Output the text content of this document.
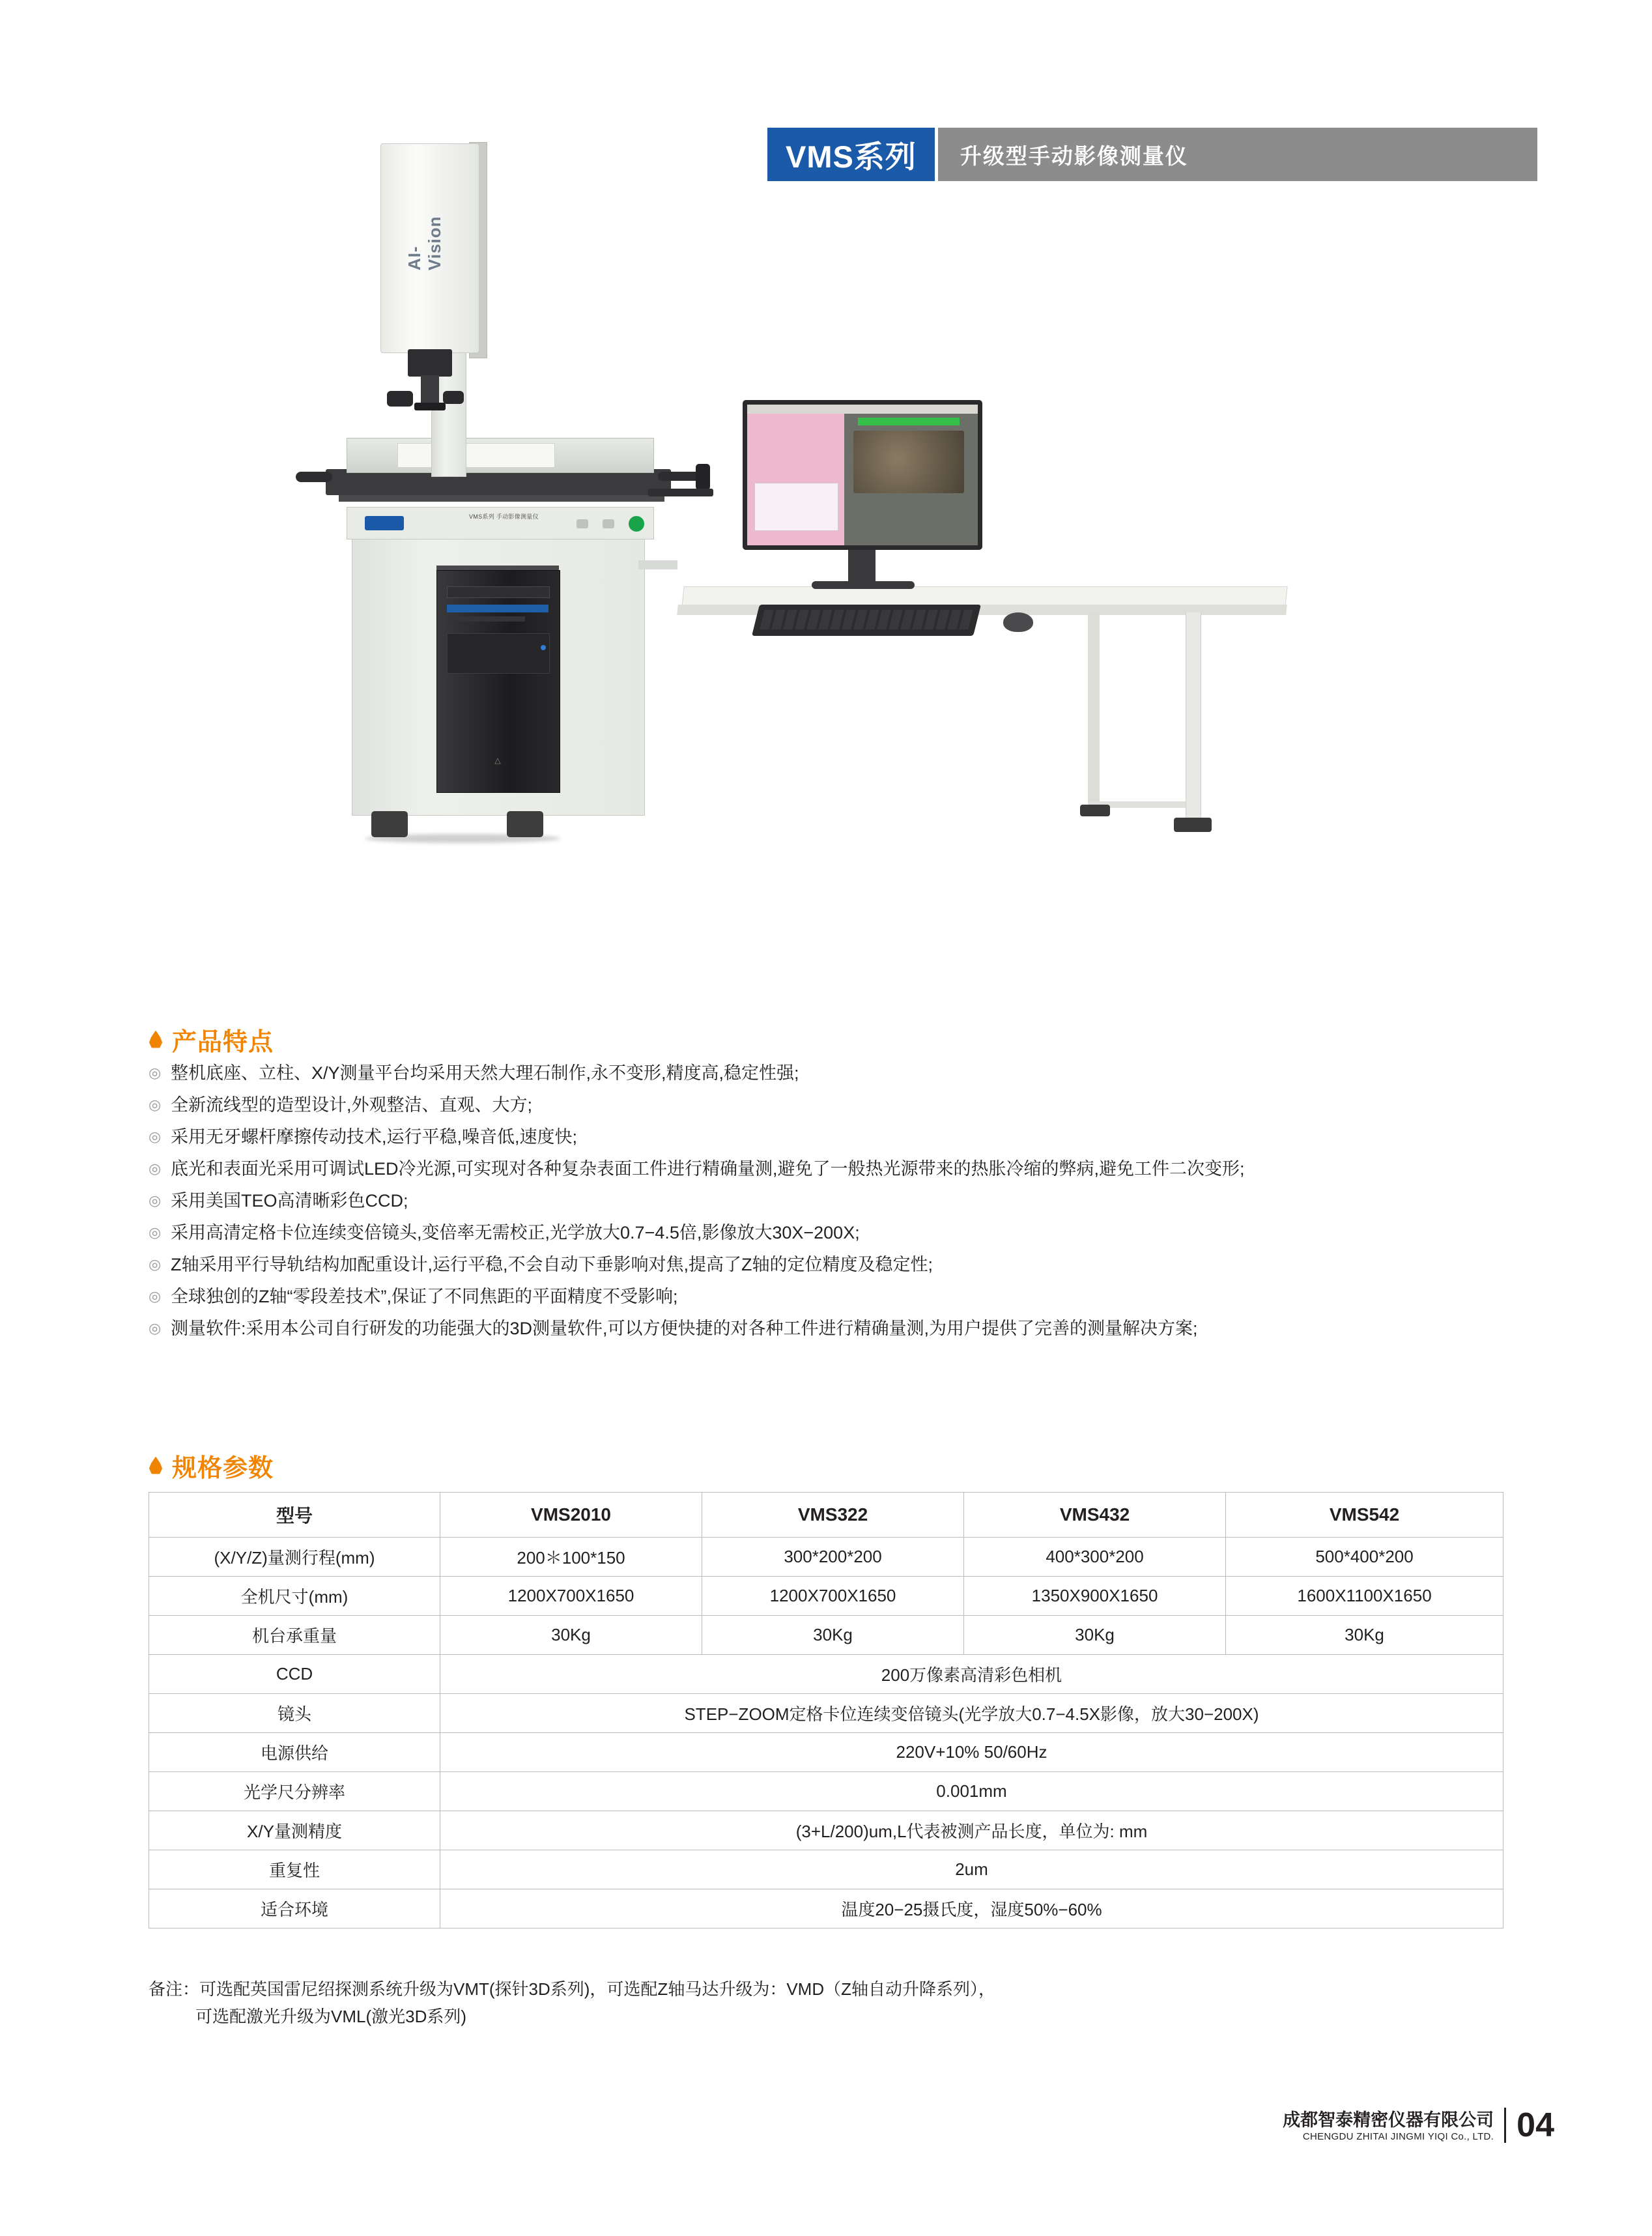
VMS系列	升级型手动影像测量仪
△
VMS系列 手动影像测量仪
AI-Vision
产品特点
◎ 整机底座、立柱、X/Y测量平台均采用天然大理石制作,永不变形,精度高,稳定性强;
◎ 全新流线型的造型设计,外观整洁、直观、大方;
◎ 采用无牙螺杆摩擦传动技术,运行平稳,噪音低,速度快;
◎ 底光和表面光采用可调试LED冷光源,可实现对各种复杂表面工件进行精确量测,避免了一般热光源带来的热胀冷缩的弊病,避免工件二次变形;
◎ 采用美国TEO高清晰彩色CCD;
◎ 采用高清定格卡位连续变倍镜头,变倍率无需校正,光学放大0.7−4.5倍,影像放大30X−200X;
◎ Z轴采用平行导轨结构加配重设计,运行平稳,不会自动下垂影响对焦,提高了Z轴的定位精度及稳定性;
◎ 全球独创的Z轴“零段差技术”,保证了不同焦距的平面精度不受影响;
◎ 测量软件:采用本公司自行研发的功能强大的3D测量软件,可以方便快捷的对各种工件进行精确量测,为用户提供了完善的测量解决方案;
规格参数
型号	VMS2010	VMS322	VMS432	VMS542
(X/Y/Z)量测行程(mm)	200＊100*150	300*200*200	400*300*200	500*400*200
全机尺寸(mm)	1200X700X1650	1200X700X1650	1350X900X1650	1600X1100X1650
机台承重量	30Kg	30Kg	30Kg	30Kg
CCD	200万像素高清彩色相机			
镜头	STEP−ZOOM定格卡位连续变倍镜头(光学放大0.7−4.5X影像，放大30−200X)			
电源供给	220V+10% 50/60Hz			
光学尺分辨率	0.001mm			
X/Y量测精度	(3+L/200)um,L代表被测产品长度，单位为: mm			
重复性	2um			
适合环境	温度20−25摄氏度，湿度50%−60%			
备注：可选配英国雷尼绍探测系统升级为VMT(探针3D系列)，可选配Z轴马达升级为：VMD（Z轴自动升降系列），
可选配激光升级为VML(激光3D系列)
成都智泰精密仪器有限公司
CHENGDU ZHITAI JINGMI YIQI Co., LTD. 04
